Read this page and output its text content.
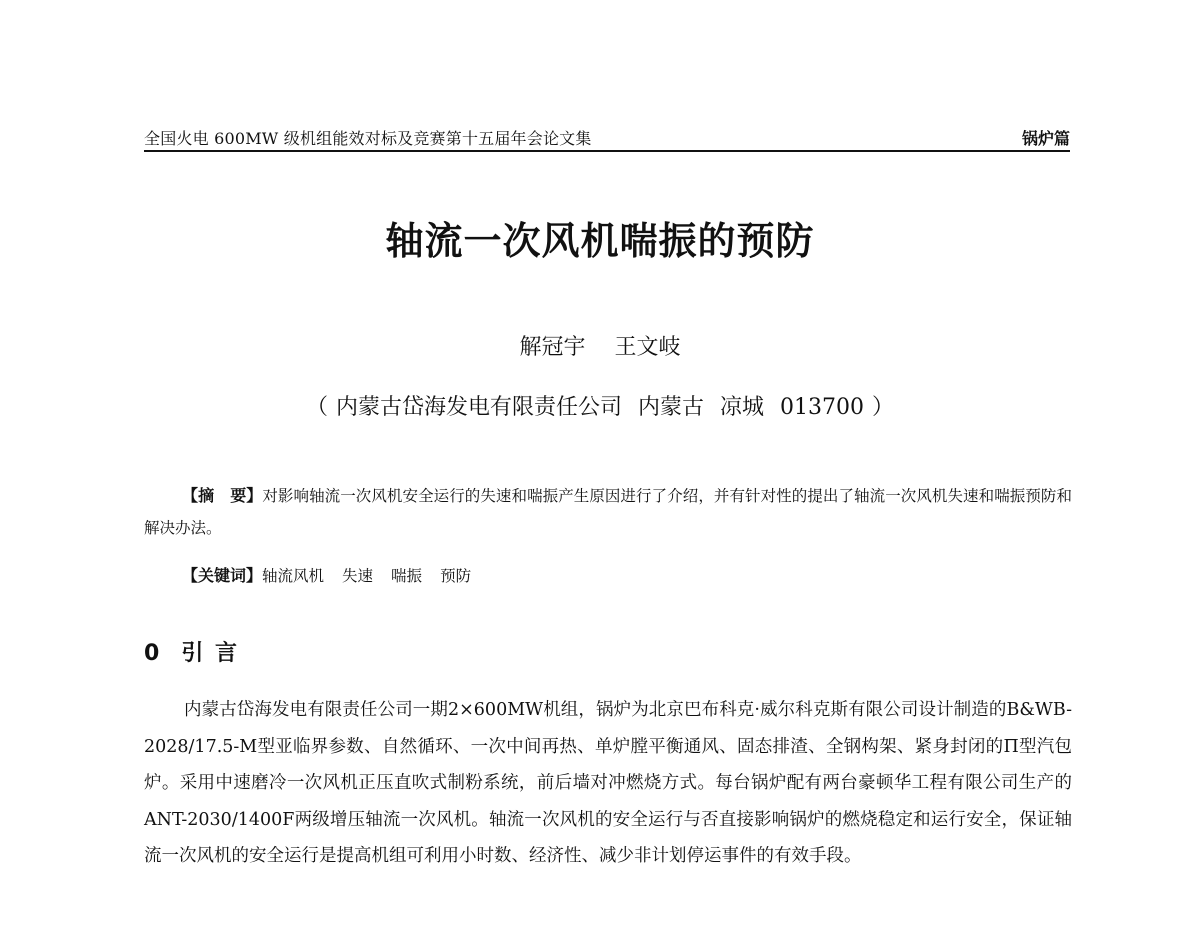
全国火电 600MW 级机组能效对标及竞赛第十五届年会论文集	锅炉篇
轴流一次风机喘振的预防
解冠宇 王文岐
（ 内蒙古岱海发电有限责任公司 内蒙古 凉城 013700 ）
【摘　要】对影响轴流一次风机安全运行的失速和喘振产生原因进行了介绍，并有针对性的提出了轴流一次风机失速和喘振预防和解决办法。
【关键词】轴流风机 失速 喘振 预防
0 引 言
内蒙古岱海发电有限责任公司一期2×600MW机组，锅炉为北京巴布科克·威尔科克斯有限公司设计制造的B&WB-2028/17.5-M型亚临界参数、自然循环、一次中间再热、单炉膛平衡通风、固态排渣、全钢构架、紧身封闭的Π型汽包炉。采用中速磨冷一次风机正压直吹式制粉系统，前后墙对冲燃烧方式。每台锅炉配有两台豪顿华工程有限公司生产的ANT-2030/1400F两级增压轴流一次风机。轴流一次风机的安全运行与否直接影响锅炉的燃烧稳定和运行安全，保证轴流一次风机的安全运行是提高机组可利用小时数、经济性、减少非计划停运事件的有效手段。
